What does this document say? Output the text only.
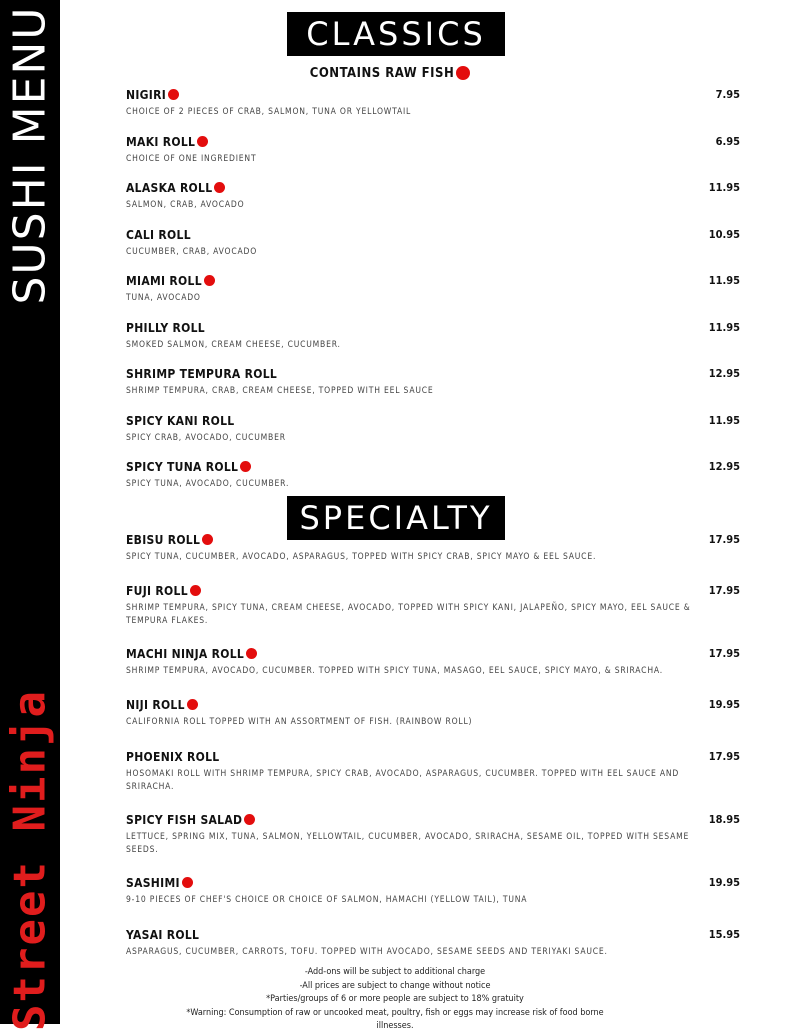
SUSHI MENU
Street Ninja
CLASSICS
CONTAINS RAW FISH
NIGIRI
CHOICE OF 2 PIECES OF CRAB, SALMON, TUNA OR YELLOWTAIL
7.95
MAKI ROLL
CHOICE OF ONE INGREDIENT
6.95
ALASKA ROLL
SALMON, CRAB, AVOCADO
11.95
CALI ROLL
CUCUMBER, CRAB, AVOCADO
10.95
MIAMI ROLL
TUNA, AVOCADO
11.95
PHILLY ROLL
SMOKED SALMON, CREAM CHEESE, CUCUMBER.
11.95
SHRIMP TEMPURA ROLL
SHRIMP TEMPURA, CRAB, CREAM CHEESE, TOPPED WITH EEL SAUCE
12.95
SPICY KANI ROLL
SPICY CRAB, AVOCADO, CUCUMBER
11.95
SPICY TUNA ROLL
SPICY TUNA, AVOCADO, CUCUMBER.
12.95
SPECIALTY
EBISU ROLL
SPICY TUNA, CUCUMBER, AVOCADO, ASPARAGUS, TOPPED WITH SPICY CRAB, SPICY MAYO & EEL SAUCE.
17.95
FUJI ROLL
SHRIMP TEMPURA, SPICY TUNA, CREAM CHEESE, AVOCADO, TOPPED WITH SPICY KANI, JALAPEÑO, SPICY MAYO, EEL SAUCE & TEMPURA FLAKES.
17.95
MACHI NINJA ROLL
SHRIMP TEMPURA, AVOCADO, CUCUMBER. TOPPED WITH SPICY TUNA, MASAGO, EEL SAUCE, SPICY MAYO, & SRIRACHA.
17.95
NIJI ROLL
CALIFORNIA ROLL TOPPED WITH AN ASSORTMENT OF FISH. (RAINBOW ROLL)
19.95
PHOENIX ROLL
HOSOMAKI ROLL WITH SHRIMP TEMPURA, SPICY CRAB, AVOCADO, ASPARAGUS, CUCUMBER. TOPPED WITH EEL SAUCE AND SRIRACHA.
17.95
SPICY FISH SALAD
LETTUCE, SPRING MIX, TUNA, SALMON, YELLOWTAIL, CUCUMBER, AVOCADO, SRIRACHA, SESAME OIL, TOPPED WITH SESAME SEEDS.
18.95
SASHIMI
9-10 PIECES OF CHEF'S CHOICE OR CHOICE OF SALMON, HAMACHI (YELLOW TAIL), TUNA
19.95
YASAI ROLL
ASPARAGUS, CUCUMBER, CARROTS, TOFU. TOPPED WITH AVOCADO, SESAME SEEDS AND TERIYAKI SAUCE.
15.95
-Add-ons will be subject to additional charge
-All prices are subject to change without notice
*Parties/groups of 6 or more people are subject to 18% gratuity
*Warning: Consumption of raw or uncooked meat, poultry, fish or eggs may increase risk of food borne illnesses.
